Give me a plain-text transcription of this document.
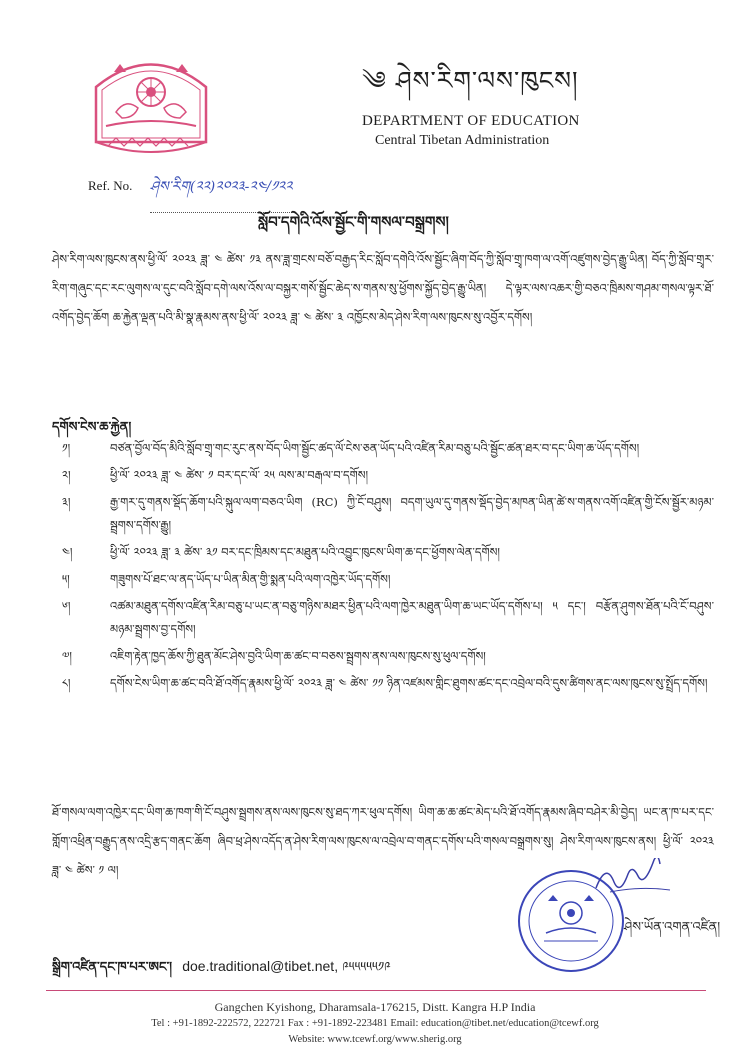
༄ ཤེས་རིག་ལས་ཁུངས།
DEPARTMENT OF EDUCATION
Central Tibetan Administration
Ref. No. ཤེས་རིག(༢༢)༢༠༢༣-༢༤/༡༢༢
སློབ་དགེའི་འོས་སྦྱོང་གི་གསལ་བསྒྲགས།
ཤེས་རིག་ལས་ཁུངས་ནས་ཕྱི་ལོ་ ༢༠༢༣ ཟླ་ ༤ ཚེས་ ༡༣ ནས་ཟླ་གྲངས་བཅོ་བརྒྱད་རིང་སློབ་དགེའི་འོས་སྦྱོང་ཞིག་བོད་ཀྱི་སློབ་གྲྭ་ཁག་ལ་འགོ་འཛུགས་བྱེད་རྒྱུ་ཡིན། བོད་ཀྱི་སློབ་གྲྭར་རིག་གཞུང་དང་རང་ལུགས་ལ་དུང་བའི་སློབ་དགེ་ལས་འོས་ལ་བསྐྱར་གསོ་སྦྱོང་ཆེད་ས་གནས་སུ་ཕྱོགས་སྐྱོད་བྱེད་རྒྱུ་ཡིན། དེ་ལྟར་ལས་འཆར་གྱི་བཅའ་ཁྲིམས་གཤམ་གསལ་ལྟར་ཐོ་འགོད་བྱེད་ཆོག ཆ་རྐྱེན་ལྡན་པའི་མི་སྣ་རྣམས་ནས་ཕྱི་ལོ་ ༢༠༢༣ ཟླ་ ༤ ཚེས་ ༣ འཁྱོངས་མེད་ཤེས་རིག་ལས་ཁུངས་སུ་འབྱོར་དགོས།
དགོས་ངེས་ཆ་རྐྱེན།
༡།	བཙན་བྱོལ་བོད་མིའི་སློབ་གྲྭ་གང་རུང་ནས་བོད་ཡིག་སྦྱོང་ཚད་ལོ་ངེས་ཅན་ཡོད་པའི་འཛིན་རིམ་བཅུ་པའི་སྦྱོང་ཚན་ཐར་བ་དང་ཡིག་ཆ་ཡོད་དགོས།
༢།	ཕྱི་ལོ་ ༢༠༢༣ ཟླ་ ༤ ཚེས་ ༡ བར་དང་ལོ་ ༢༥ ལས་མ་བརྒལ་བ་དགོས།
༣།	རྒྱ་གར་དུ་གནས་སྡོད་ཆོག་པའི་སྐུལ་ལག་བཅའ་ཡིག (RC) ཀྱི་ངོ་བཤུས། བདག་ཡུལ་དུ་གནས་སྡོད་བྱེད་མཁན་ཡིན་ཚེ་ས་གནས་འགོ་འཛིན་གྱི་ངོས་སྦྱོར་མཉམ་སྦྲགས་དགོས་རྒྱུ།
༤།	ཕྱི་ལོ་ ༢༠༢༣ ཟླ་ ༣ ཚེས་ ༣༡ བར་དང་ཁྲིམས་དང་མཐུན་པའི་འབྱུང་ཁུངས་ཡིག་ཆ་དང་ཕྱོགས་ལེན་དགོས།
༥།	གཟུགས་པོ་ཐང་ལ་ནད་ཡོད་པ་ཡིན་མིན་གྱི་སྨན་པའི་ལག་འཁྱེར་ཡོད་དགོས།
༦།	འཚམ་མཐུན་དགོས་འཛིན་རིམ་བཅུ་པ་ཡང་ན་བཅུ་གཉིས་མཐར་ཕྱིན་པའི་ལག་ཁྱེར་མཐུན་ཡིག་ཆ་ཡང་ཡོད་དགོས་པ། ༥ དང་། བརྩོན་ཤུགས་ཐོན་པའི་ངོ་བཤུས་མཉམ་སྦྲགས་བྱ་དགོས།
༧།	འཇིག་རྟེན་ཁྱད་ཆོས་ཀྱི་ཐུན་མོང་ཤེས་བྱའི་ཡིག་ཆ་ཚང་བ་བཅས་སྦྲགས་ནས་ལས་ཁུངས་སུ་ཕུལ་དགོས།
༨།	དགོས་ངེས་ཡིག་ཆ་ཚང་བའི་ཐོ་འགོད་རྣམས་ཕྱི་ལོ་ ༢༠༢༣ ཟླ་ ༤ ཚེས་ ༡༡ ཉིན་འཛམས་གླིང་ཐུགས་ཚང་དང་འབྲེལ་བའི་དུས་ཚིགས་ནང་ལས་ཁུངས་སུ་སྤྲོད་དགོས།
ཐོ་གསལ་ལག་འཁྱེར་དང་ཡིག་ཆ་ཁག་གི་ངོ་བཤུས་སྦྲགས་ནས་ལས་ཁུངས་སུ་ཐད་ཀར་ཕུལ་དགོས། ཡིག་ཆ་ཆ་ཚང་མེད་པའི་ཐོ་འགོད་རྣམས་ཞིབ་བཤེར་མི་བྱེད། ཡང་ན་ཁ་པར་དང་གློག་འཕྲིན་བརྒྱུད་ནས་འདྲི་རྩད་གནང་ཆོག ཞིབ་ཕྲ་ཤེས་འདོད་ན་ཤེས་རིག་ལས་ཁུངས་ལ་འབྲེལ་བ་གནང་དགོས་པའི་གསལ་བསྒྲགས་སུ། ཤེས་རིག་ལས་ཁུངས་ནས། ཕྱི་ལོ་ ༢༠༢༣ ཟླ་ ༤ ཚེས་ ༡ ལ།
ཤེས་ཡོན་འགན་འཛིན།
སྒྲིག་འཛིན་དང་ཁ་པར་ཨང་། doe.traditional@tibet.net, ༩༥༥༥༥༥༡༩
Gangchen Kyishong, Dharamsala-176215, Distt. Kangra H.P India
Tel : +91-1892-222572, 222721 Fax : +91-1892-223481 Email: education@tibet.net/education@tcewf.org
Website: www.tcewf.org/www.sherig.org
